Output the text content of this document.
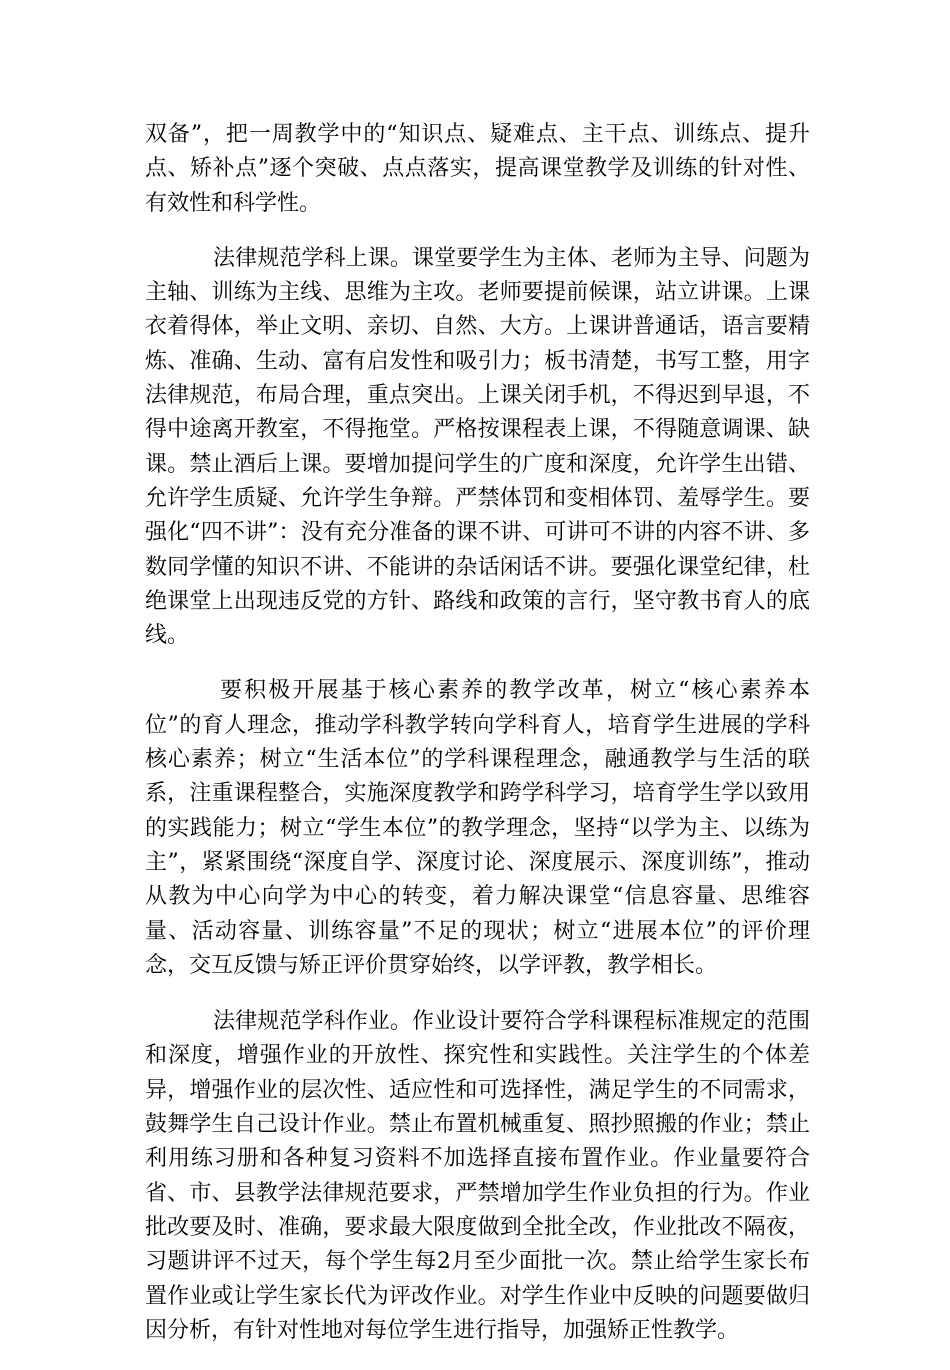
双备”，把一周教学中的“知识点、疑难点、主干点、训练点、提升点、矫补点”逐个突破、点点落实，提高课堂教学及训练的针对性、有效性和科学性。

法律规范学科上课。课堂要学生为主体、老师为主导、问题为主轴、训练为主线、思维为主攻。老师要提前候课，站立讲课。上课衣着得体，举止文明、亲切、自然、大方。上课讲普通话，语言要精炼、准确、生动、富有启发性和吸引力；板书清楚，书写工整，用字法律规范，布局合理，重点突出。上课关闭手机，不得迟到早退，不得中途离开教室，不得拖堂。严格按课程表上课，不得随意调课、缺课。禁止酒后上课。要增加提问学生的广度和深度，允许学生出错、允许学生质疑、允许学生争辩。严禁体罚和变相体罚、羞辱学生。要强化“四不讲”：没有充分准备的课不讲、可讲可不讲的内容不讲、多数同学懂的知识不讲、不能讲的杂话闲话不讲。要强化课堂纪律，杜绝课堂上出现违反党的方针、路线和政策的言行，坚守教书育人的底线。

要积极开展基于核心素养的教学改革，树立“核心素养本位”的育人理念，推动学科教学转向学科育人，培育学生进展的学科核心素养；树立“生活本位”的学科课程理念，融通教学与生活的联系，注重课程整合，实施深度教学和跨学科学习，培育学生学以致用的实践能力；树立“学生本位”的教学理念，坚持“以学为主、以练为主”，紧紧围绕“深度自学、深度讨论、深度展示、深度训练”，推动从教为中心向学为中心的转变，着力解决课堂“信息容量、思维容量、活动容量、训练容量”不足的现状；树立“进展本位”的评价理念，交互反馈与矫正评价贯穿始终，以学评教，教学相长。

法律规范学科作业。作业设计要符合学科课程标准规定的范围和深度，增强作业的开放性、探究性和实践性。关注学生的个体差异，增强作业的层次性、适应性和可选择性，满足学生的不同需求，鼓舞学生自己设计作业。禁止布置机械重复、照抄照搬的作业；禁止利用练习册和各种复习资料不加选择直接布置作业。作业量要符合省、市、县教学法律规范要求，严禁增加学生作业负担的行为。作业批改要及时、准确，要求最大限度做到全批全改，作业批改不隔夜，习题讲评不过天，每个学生每2月至少面批一次。禁止给学生家长布置作业或让学生家长代为评改作业。对学生作业中反映的问题要做归因分析，有针对性地对每位学生进行指导，加强矫正性教学。
